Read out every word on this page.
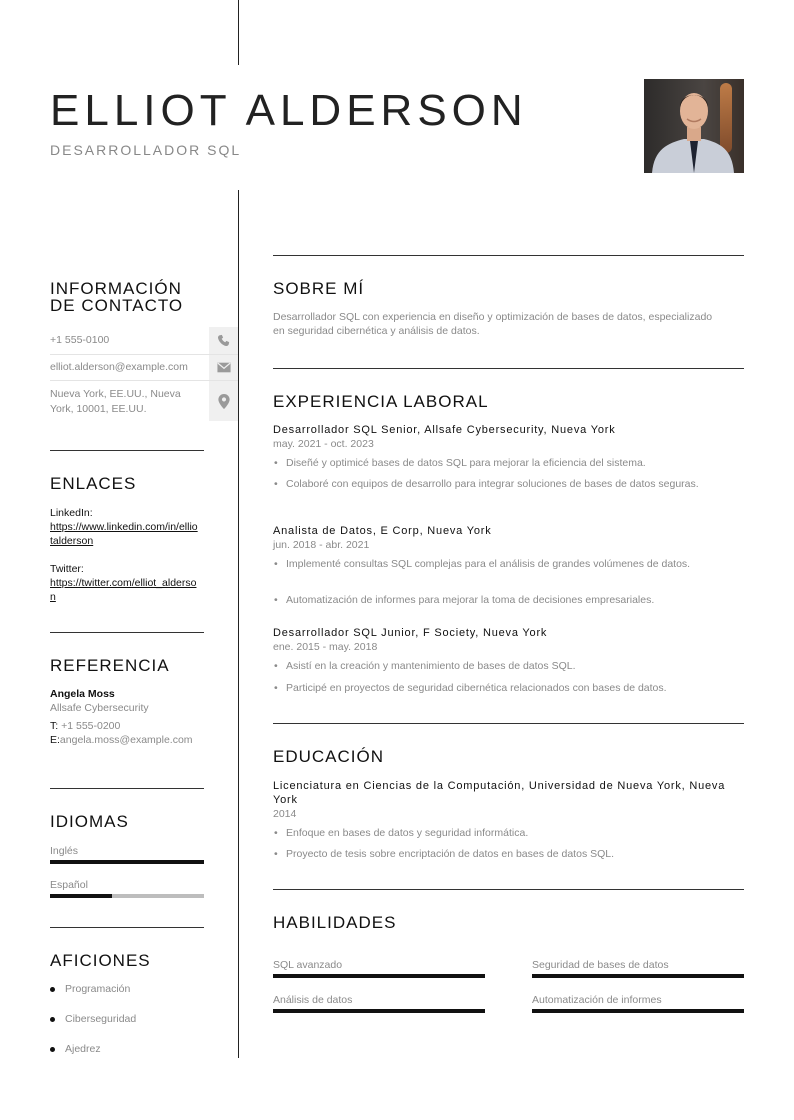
ELLIOT ALDERSON
DESARROLLADOR SQL
INFORMACIÓN
DE CONTACTO
+1 555-0100
elliot.alderson@example.com
Nueva York, EE.UU., Nueva York, 10001, EE.UU.
ENLACES
LinkedIn:
https://www.linkedin.com/in/elliotalderson
Twitter:
https://twitter.com/elliot_alderson
REFERENCIA
Angela Moss
Allsafe Cybersecurity
T: +1 555-0200
E: angela.moss@example.com
IDIOMAS
Inglés
Español
AFICIONES
Programación
Ciberseguridad
Ajedrez
SOBRE MÍ
Desarrollador SQL con experiencia en diseño y optimización de bases de datos, especializado en seguridad cibernética y análisis de datos.
EXPERIENCIA LABORAL
Desarrollador SQL Senior, Allsafe Cybersecurity, Nueva York
may. 2021 - oct. 2023
• Diseñé y optimicé bases de datos SQL para mejorar la eficiencia del sistema.
• Colaboré con equipos de desarrollo para integrar soluciones de bases de datos seguras.
Analista de Datos, E Corp, Nueva York
jun. 2018 - abr. 2021
• Implementé consultas SQL complejas para el análisis de grandes volúmenes de datos.
• Automatización de informes para mejorar la toma de decisiones empresariales.
Desarrollador SQL Junior, F Society, Nueva York
ene. 2015 - may. 2018
• Asistí en la creación y mantenimiento de bases de datos SQL.
• Participé en proyectos de seguridad cibernética relacionados con bases de datos.
EDUCACIÓN
Licenciatura en Ciencias de la Computación, Universidad de Nueva York, Nueva York
2014
• Enfoque en bases de datos y seguridad informática.
• Proyecto de tesis sobre encriptación de datos en bases de datos SQL.
HABILIDADES
SQL avanzado	Seguridad de bases de datos
Análisis de datos	Automatización de informes
